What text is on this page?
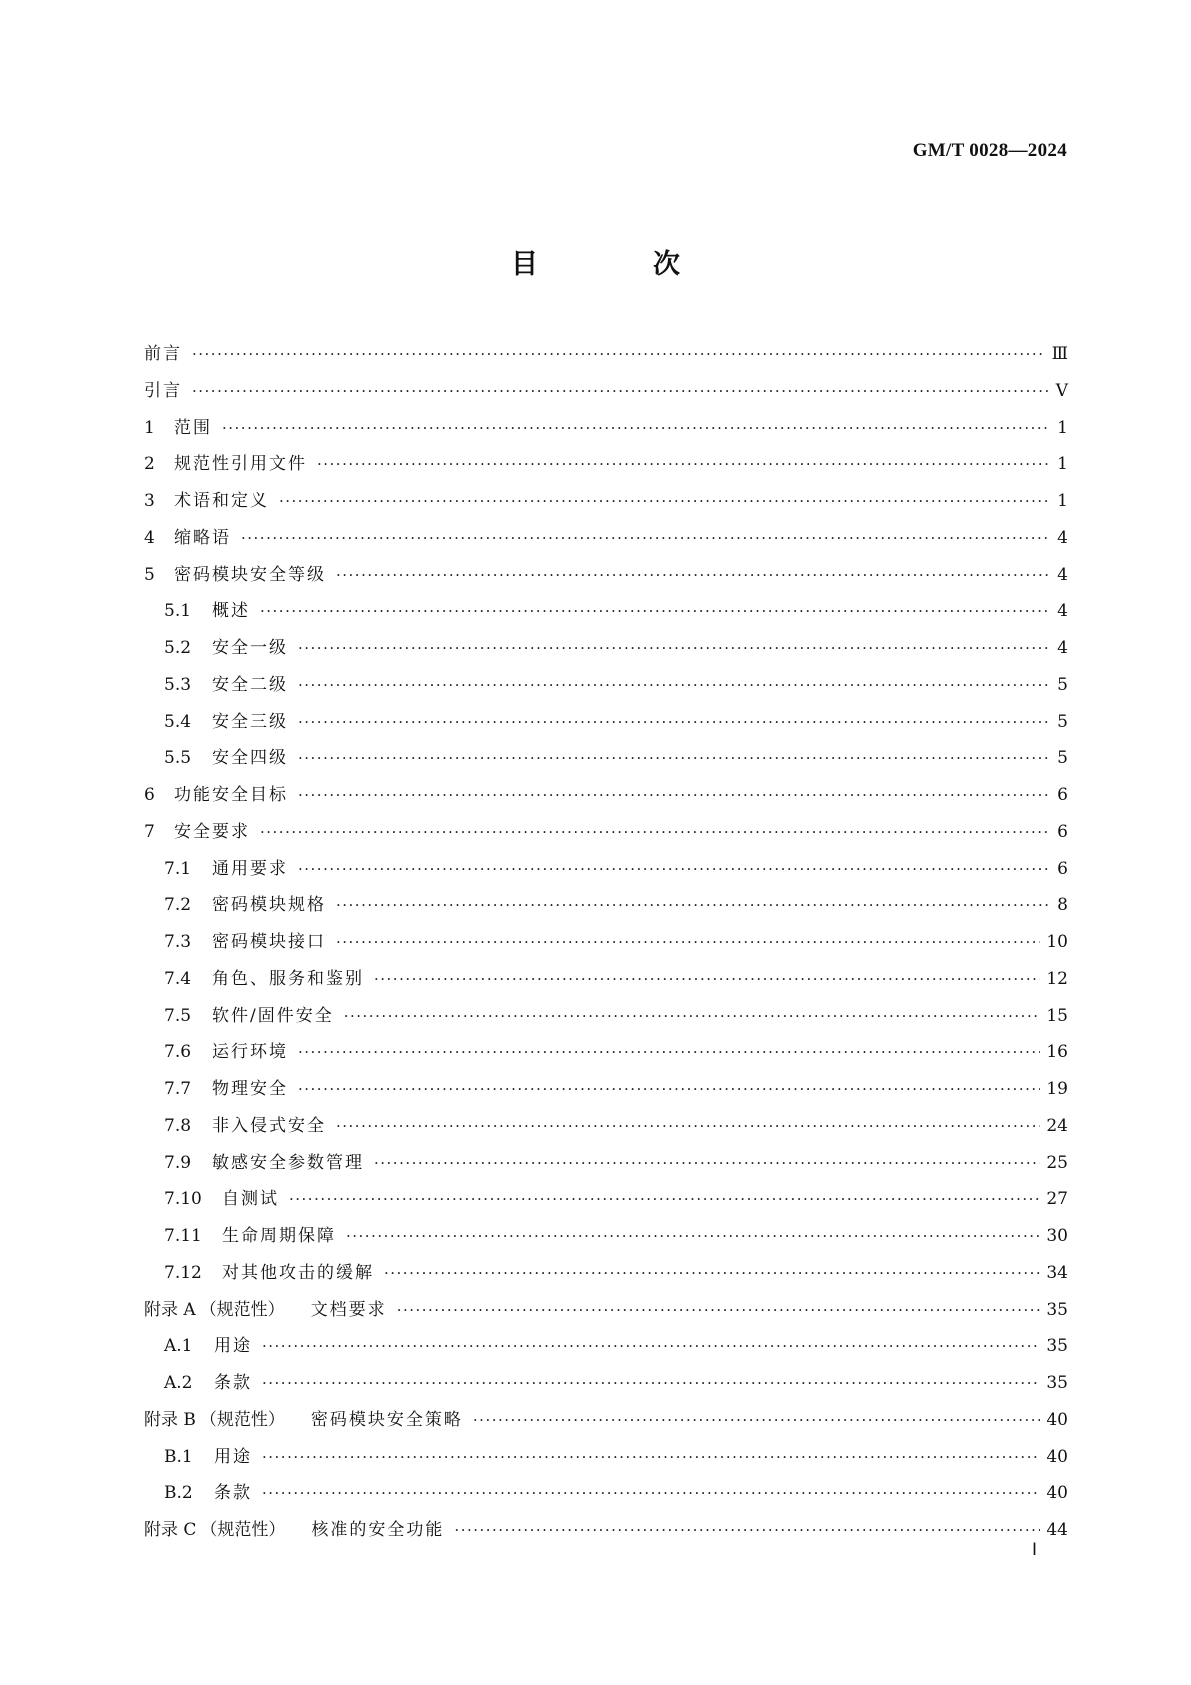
GM/T 0028—2024
目　次
前言 ·····	Ⅲ
引言 ·····	Ⅴ
1	范围 ·····	1
2	规范性引用文件 ·····	1
3	术语和定义 ·····	1
4	缩略语 ·····	4
5	密码模块安全等级 ·····	4
5.1	概述 ·····	4
5.2	安全一级 ·····	4
5.3	安全二级 ·····	5
5.4	安全三级 ·····	5
5.5	安全四级 ·····	5
6	功能安全目标 ·····	6
7	安全要求 ·····	6
7.1	通用要求 ·····	6
7.2	密码模块规格 ·····	8
7.3	密码模块接口 ·····	10
7.4	角色、服务和鉴别 ·····	12
7.5	软件/固件安全 ·····	15
7.6	运行环境 ·····	16
7.7	物理安全 ·····	19
7.8	非入侵式安全 ·····	24
7.9	敏感安全参数管理 ·····	25
7.10	自测试 ·····	27
7.11	生命周期保障 ·····	30
7.12	对其他攻击的缓解 ·····	34
附录 A （规范性） 文档要求 ·····	35
A.1	用途 ·····	35
A.2	条款 ·····	35
附录 B （规范性） 密码模块安全策略 ·····	40
B.1	用途 ·····	40
B.2	条款 ·····	40
附录 C （规范性） 核准的安全功能 ·····	44
Ⅰ
